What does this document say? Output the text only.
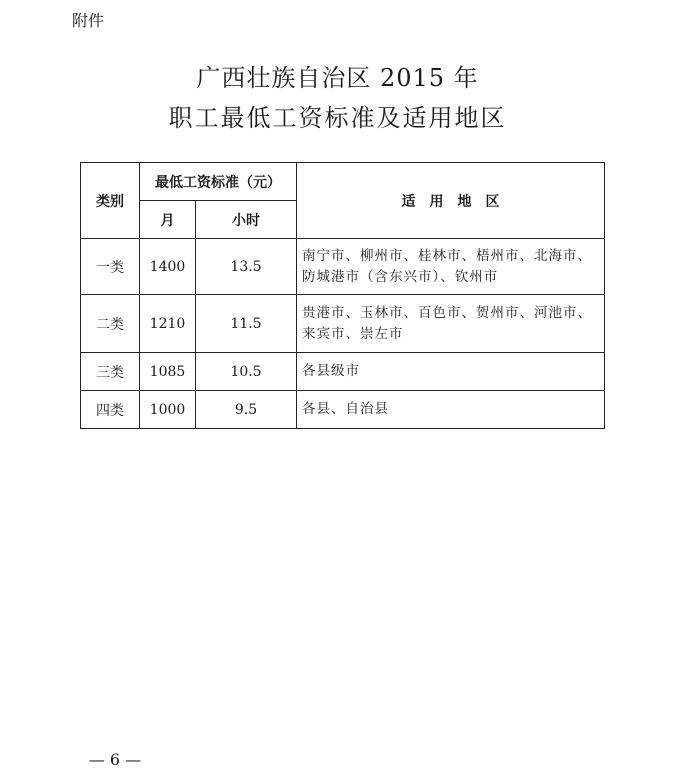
附件
广西壮族自治区 2015 年
职工最低工资标准及适用地区
类别	最低工资标准（元）		适　用　地　区
	月	小时	
一类	1400	13.5	南宁市、柳州市、桂林市、梧州市、北海市、防城港市（含东兴市）、钦州市
二类	1210	11.5	贵港市、玉林市、百色市、贺州市、河池市、来宾市、崇左市
三类	1085	10.5	各县级市
四类	1000	9.5	各县、自治县
— 6 —
